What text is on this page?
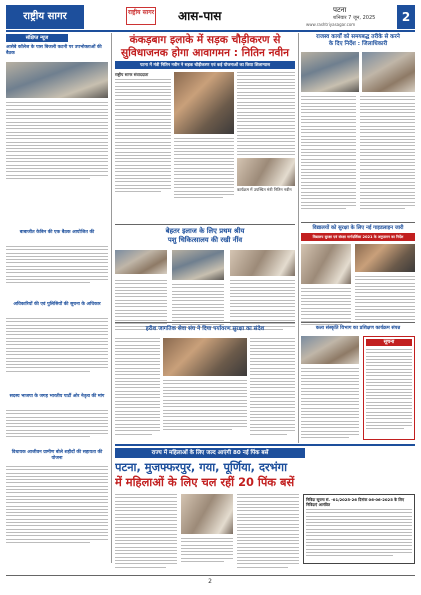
राष्ट्रीय सागर	राष्ट्रीय सागर आस-पास	पटना
शनिवार 7 जून, 2025
www.rashtriyasagar.com
2
संक्षिप्त न्यूज
आसेबे कॉलेज के पास बिजली कटनी पर उपभोक्ताओं की बैठक
बाबाजीत केबिन की एक बैठक आयोजित की
अधिकारियों की एवं पुलिसियों की सूचना के अधिकार
सदस्य भाजपा के जगह भारतीय पार्टी ओर नेतृत्व की मांग
विधायक आजीवन ग्रामीण बोले शहीदों की सहायता की योजना
कंकड़बाग इलाके में सड़क चौड़ीकरण से
सुविधाजनक होगा आवागमन : नितिन नवीन
पटना में मंत्री नितिन नवीन ने सड़क चौड़ीकरण एवं कई योजनाओं का किया शिलान्यास
राष्ट्रीय सागर संवाददाता
कार्यक्रम में उपस्थित मंत्री नितिन नवीन
बेहतर इलाज के लिए प्रथम श्रीय
पशु चिकित्सालय की रखी नींव
हरीश जागतिक सेवा संघ ने दिया पर्यावरण सुरक्षा का संदेश
राजस्व कार्यों को समयबद्ध तरीके से करने
के दिए निर्देश : जिलाधिकारी
विद्यालयों को सुरक्षा के लिए नई गाइडलाइन जारी
विद्यालय सुरक्षा एवं संरक्षा मार्गदर्शिका 2021 के अनुपालन का निर्देश
कला संस्कृति विभाग का प्रशिक्षण कार्यक्रम संपन्न
सूचना
राज्य में महिलाओं के लिए जल्द आएंगी 80 नई पिंक बसें
पटना, मुजफ्फरपुर, गया, पूर्णिया, दरभंगा
में महिलाओं के लिए चल रहीं 20 पिंक बसें
निविदा सूचना सं. -01/2025-26 दिनांक 06-06-2025 के लिए निविदाएं आमंत्रित
2
